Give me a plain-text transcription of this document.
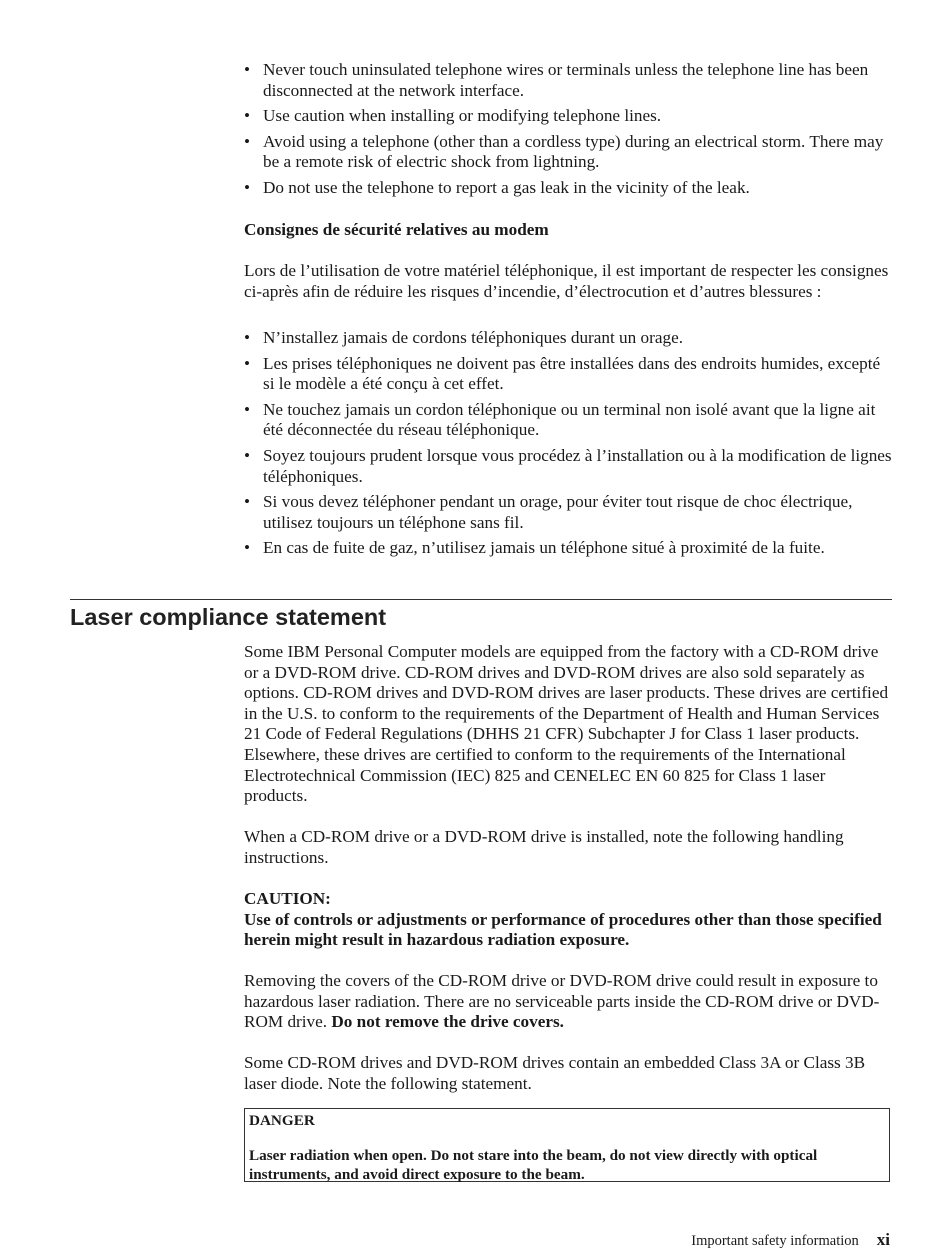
• Never touch uninsulated telephone wires or terminals unless the telephone line has been disconnected at the network interface.
• Use caution when installing or modifying telephone lines.
• Avoid using a telephone (other than a cordless type) during an electrical storm. There may be a remote risk of electric shock from lightning.
• Do not use the telephone to report a gas leak in the vicinity of the leak.

Consignes de sécurité relatives au modem

Lors de l’utilisation de votre matériel téléphonique, il est important de respecter les consignes ci-après afin de réduire les risques d’incendie, d’électrocution et d’autres blessures :

• N’installez jamais de cordons téléphoniques durant un orage.
• Les prises téléphoniques ne doivent pas être installées dans des endroits humides, excepté si le modèle a été conçu à cet effet.
• Ne touchez jamais un cordon téléphonique ou un terminal non isolé avant que la ligne ait été déconnectée du réseau téléphonique.
• Soyez toujours prudent lorsque vous procédez à l’installation ou à la modification de lignes téléphoniques.
• Si vous devez téléphoner pendant un orage, pour éviter tout risque de choc électrique, utilisez toujours un téléphone sans fil.
• En cas de fuite de gaz, n’utilisez jamais un téléphone situé à proximité de la fuite.
Laser compliance statement

Some IBM Personal Computer models are equipped from the factory with a CD-ROM drive or a DVD-ROM drive. CD-ROM drives and DVD-ROM drives are also sold separately as options. CD-ROM drives and DVD-ROM drives are laser products. These drives are certified in the U.S. to conform to the requirements of the Department of Health and Human Services 21 Code of Federal Regulations (DHHS 21 CFR) Subchapter J for Class 1 laser products. Elsewhere, these drives are certified to conform to the requirements of the International Electrotechnical Commission (IEC) 825 and CENELEC EN 60 825 for Class 1 laser products.

When a CD-ROM drive or a DVD-ROM drive is installed, note the following handling instructions.

CAUTION:
Use of controls or adjustments or performance of procedures other than those specified herein might result in hazardous radiation exposure.

Removing the covers of the CD-ROM drive or DVD-ROM drive could result in exposure to hazardous laser radiation. There are no serviceable parts inside the CD-ROM drive or DVD-ROM drive. Do not remove the drive covers.

Some CD-ROM drives and DVD-ROM drives contain an embedded Class 3A or Class 3B laser diode. Note the following statement.

DANGER
Laser radiation when open. Do not stare into the beam, do not view directly with optical instruments, and avoid direct exposure to the beam.
Important safety information xi
